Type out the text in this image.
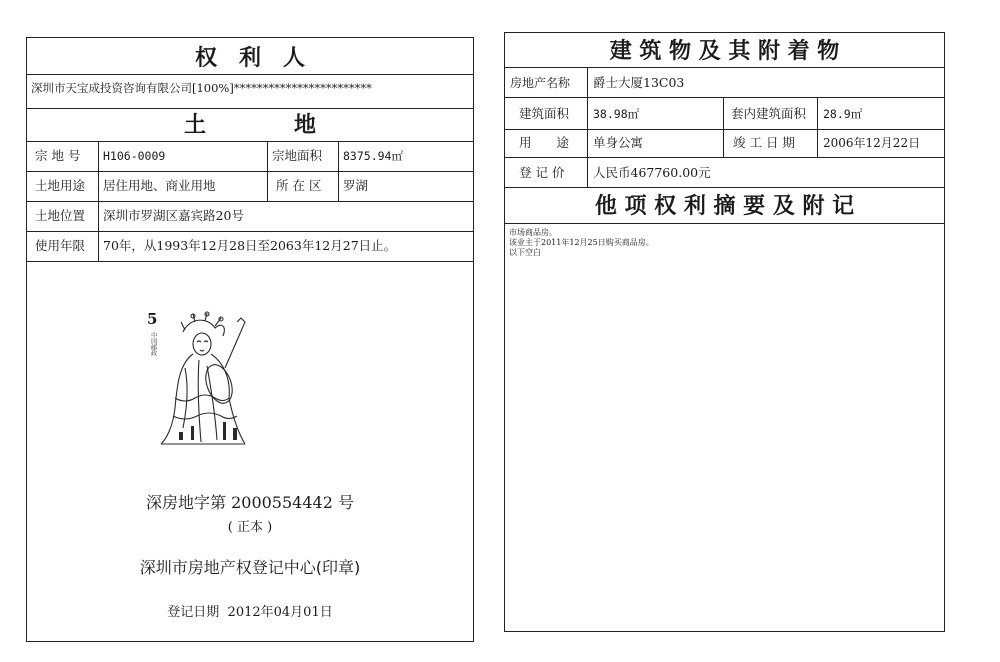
权　利　人
深圳市天宝成投资咨询有限公司[100%]************************
土　　　　地
宗 地 号 H106-0009	宗地面积 8375.94㎡
土地用途 居住用地、商业用地	所 在 区 罗湖
土地位置 深圳市罗湖区嘉宾路20号
使用年限 70年，从1993年12月28日至2063年12月27日止。
5
中国邮政
深房地字第 2000554442 号
( 正本 )
深圳市房地产权登记中心(印章)
登记日期 2012年04月01日
建 筑 物 及 其 附 着 物
房地产名称 爵士大厦13C03
建筑面积 38.98㎡	套内建筑面积 28.9㎡
用　　途 单身公寓	竣 工 日 期 2006年12月22日
登 记 价 人民币467760.00元
他 项 权 利 摘 要 及 附 记
市场商品房。
该业主于2011年12月25日购买商品房。
以下空白
